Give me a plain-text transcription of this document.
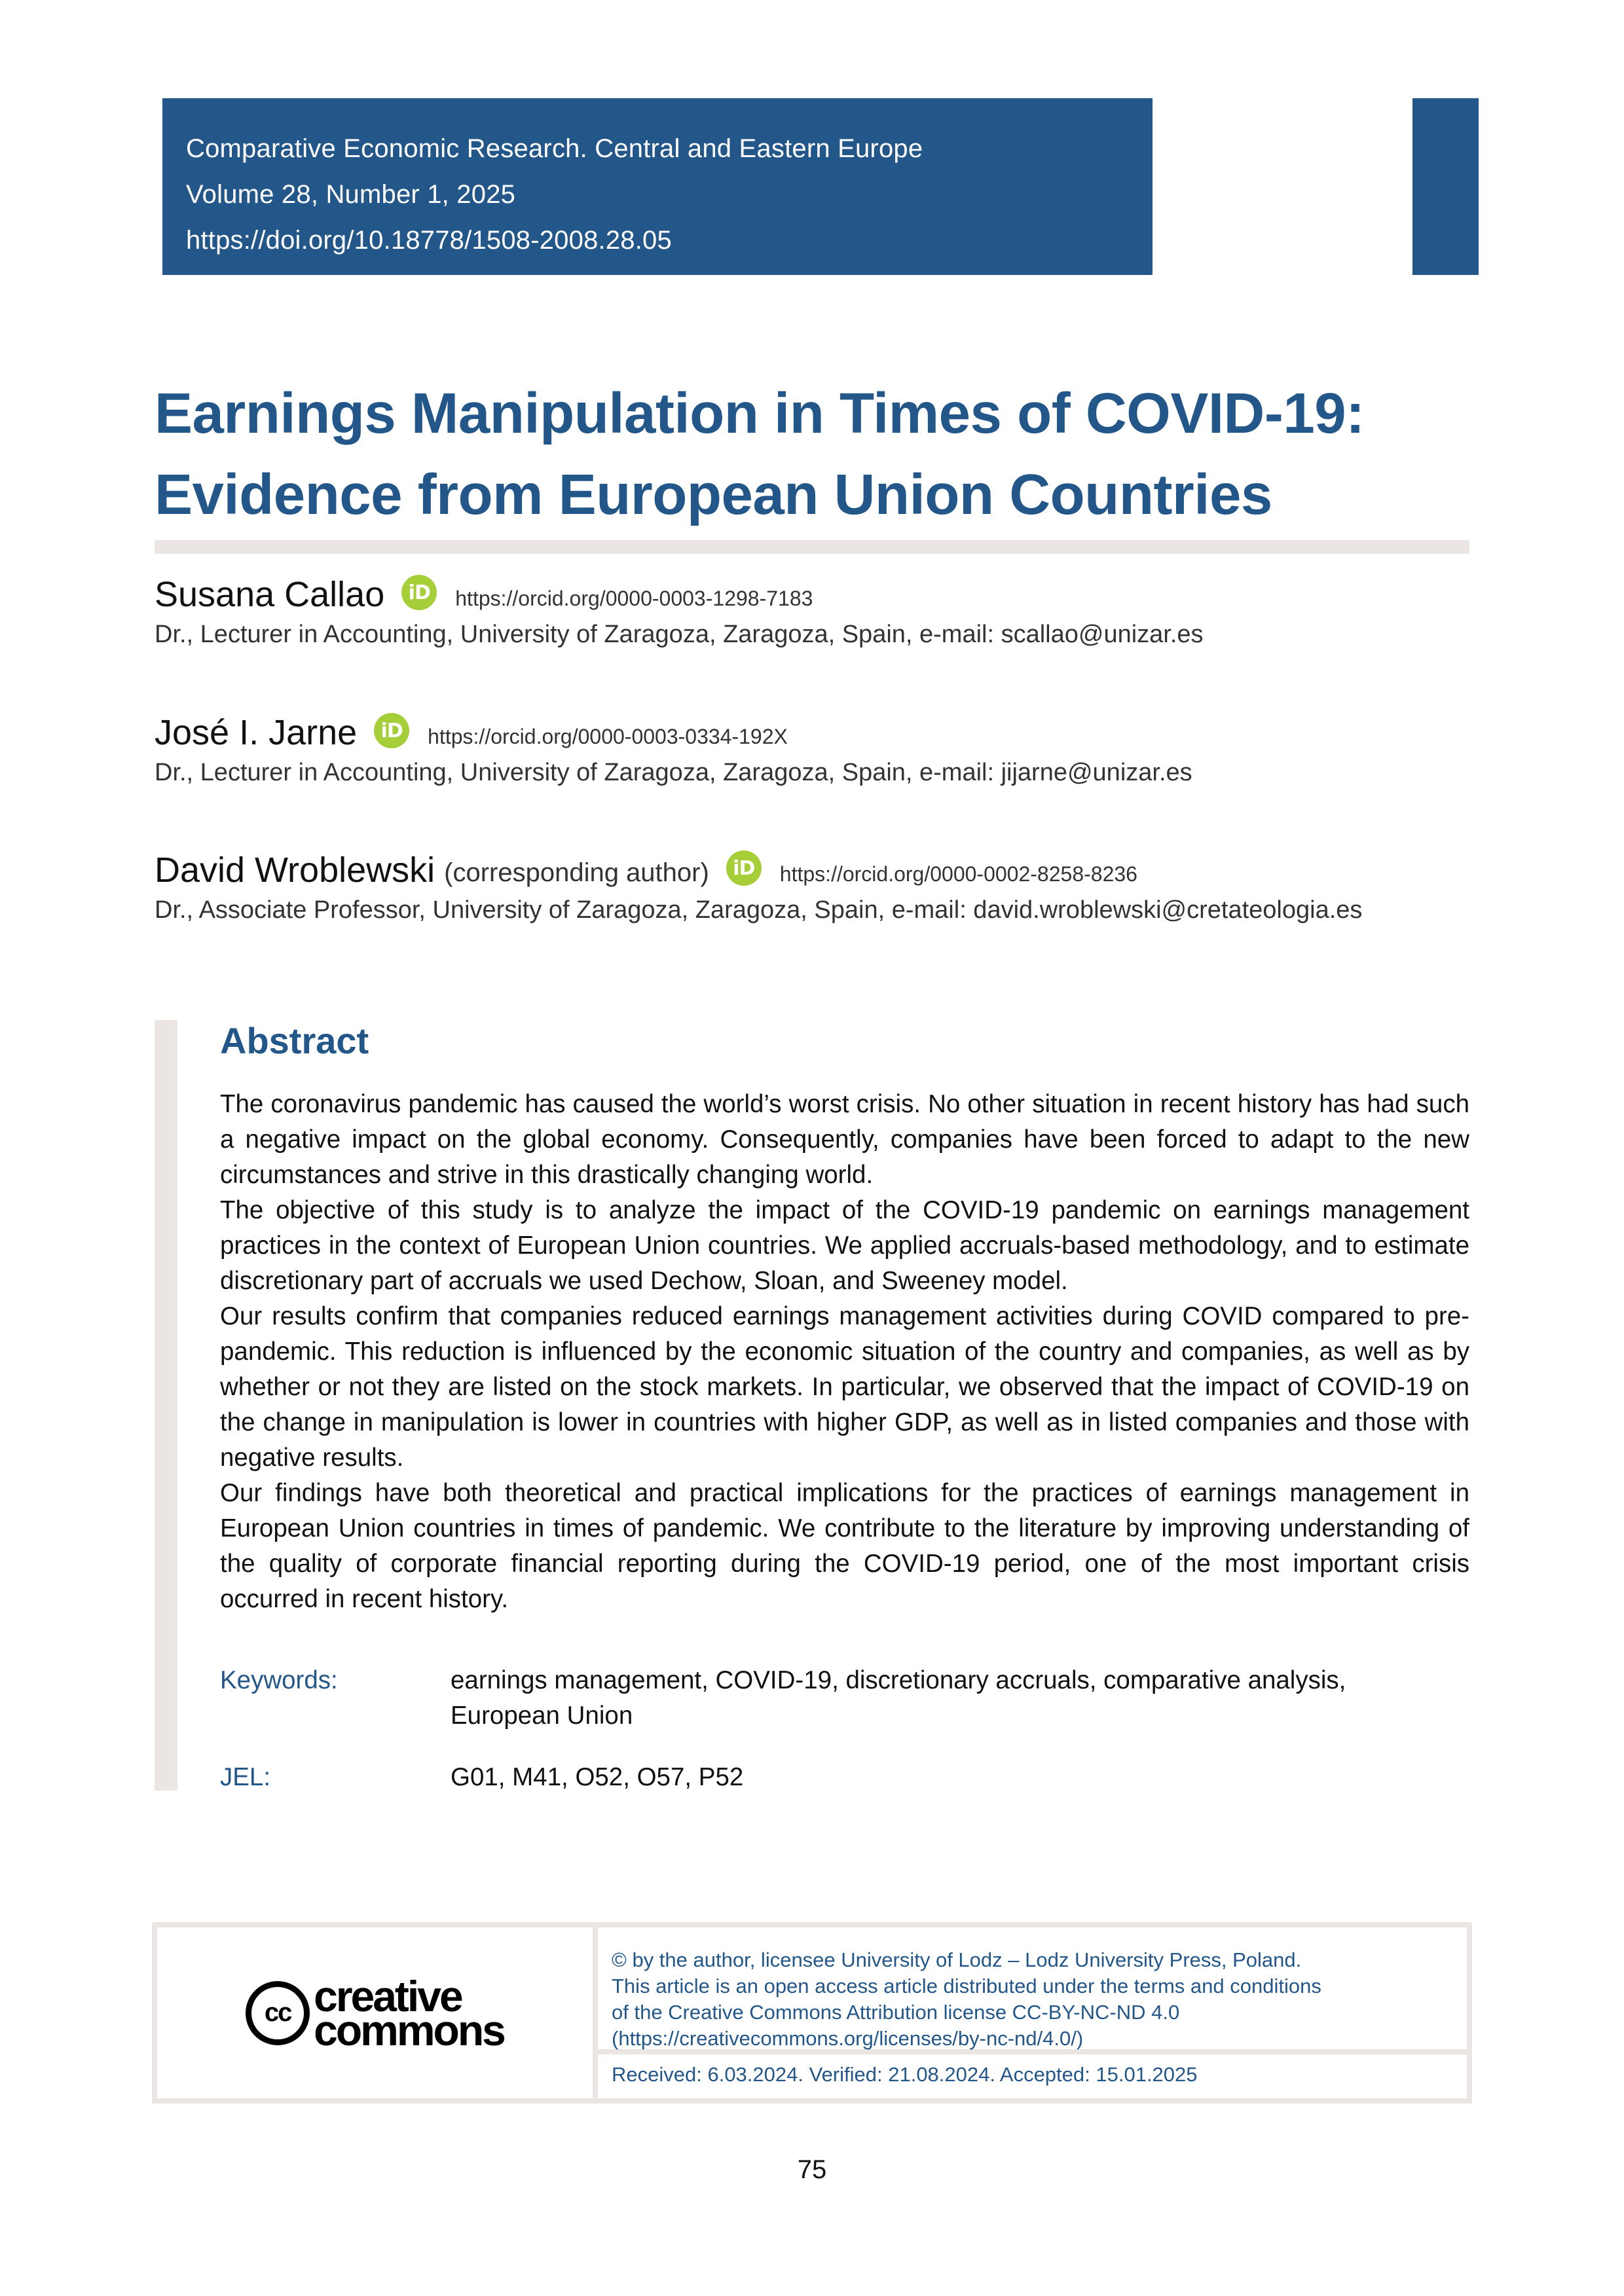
Comparative Economic Research. Central and Eastern Europe
Volume 28, Number 1, 2025
https://doi.org/10.18778/1508-2008.28.05
Earnings Manipulation in Times of COVID-19:
Evidence from European Union Countries
Susana Callao	iD	https://orcid.org/0000-0003-1298-7183
Dr., Lecturer in Accounting, University of Zaragoza, Zaragoza, Spain, e-mail: scallao@unizar.es
José I. Jarne	iD	https://orcid.org/0000-0003-0334-192X
Dr., Lecturer in Accounting, University of Zaragoza, Zaragoza, Spain, e-mail: jijarne@unizar.es
David Wroblewski (corresponding author)	iD	https://orcid.org/0000-0002-8258-8236
Dr., Associate Professor, University of Zaragoza, Zaragoza, Spain, e-mail: david.wroblewski@cretateologia.es
Abstract

The coronavirus pandemic has caused the world’s worst crisis. No other situation in recent history has had such a negative impact on the global economy. Consequently, companies have been forced to adapt to the new circumstances and strive in this drastically changing world.

The objective of this study is to analyze the impact of the COVID-19 pandemic on earnings management practices in the context of European Union countries. We applied accruals-based methodology, and to estimate discretionary part of accruals we used Dechow, Sloan, and Sweeney model.

Our results confirm that companies reduced earnings management activities during COVID compared to pre-pandemic. This reduction is influenced by the economic situation of the country and companies, as well as by whether or not they are listed on the stock markets. In particular, we observed that the impact of COVID-19 on the change in manipulation is lower in countries with higher GDP, as well as in listed companies and those with negative results.

Our findings have both theoretical and practical implications for the practices of earnings management in European Union countries in times of pandemic. We contribute to the literature by improving understanding of the quality of corporate financial reporting during the COVID-19 period, one of the most important crisis occurred in recent history.

Keywords:	earnings management, COVID-19, discretionary accruals, comparative analysis,
European Union
JEL:	G01, M41, O52, O57, P52
cc creative
commons
© by the author, licensee University of Lodz – Lodz University Press, Poland.
This article is an open access article distributed under the terms and conditions
of the Creative Commons Attribution license CC-BY-NC-ND 4.0
(https://creativecommons.org/licenses/by-nc-nd/4.0/)
Received: 6.03.2024. Verified: 21.08.2024. Accepted: 15.01.2025
75
